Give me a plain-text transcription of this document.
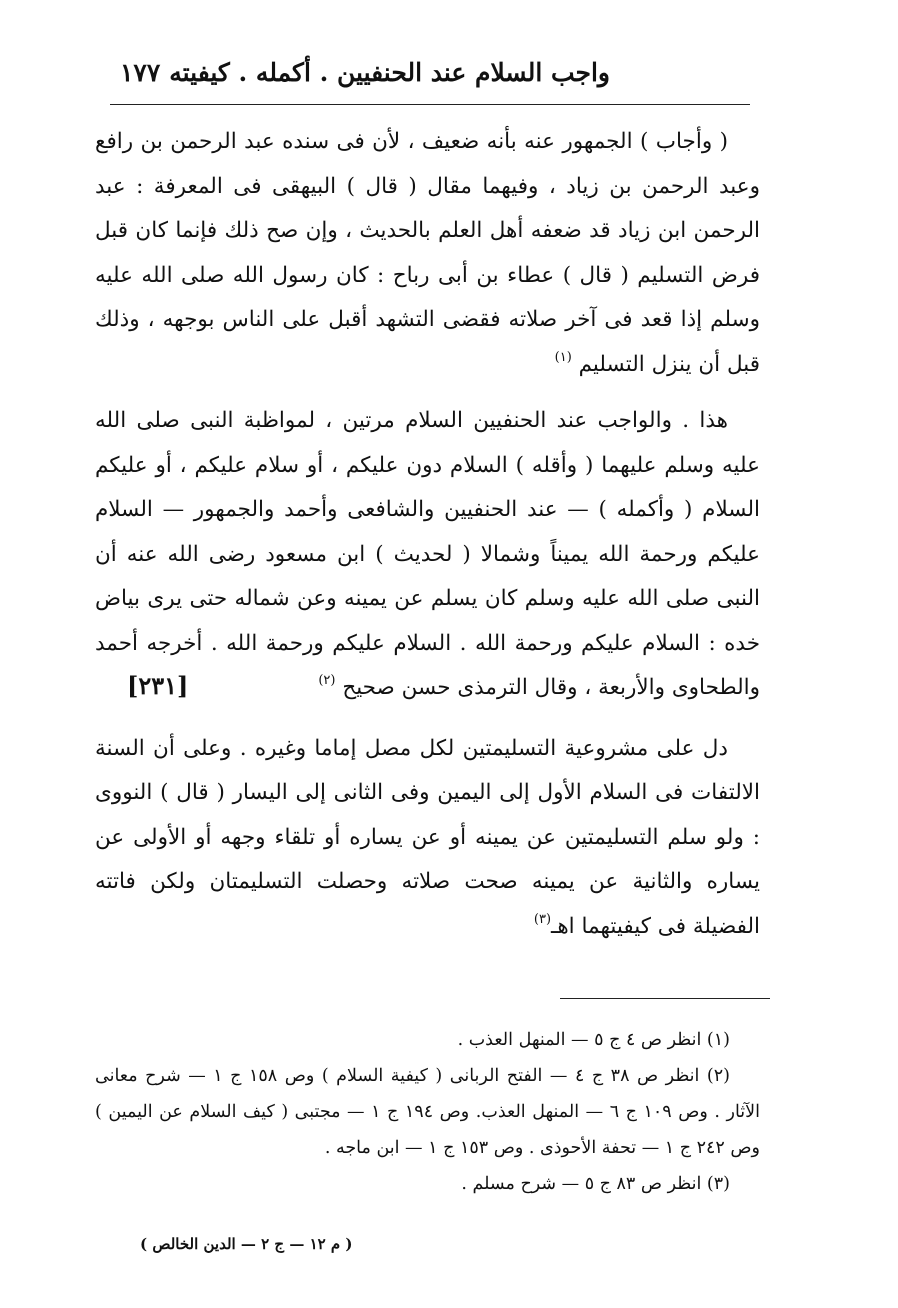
واجب السلام عند الحنفيين . أكمله . كيفيته
١٧٧

( وأجاب ) الجمهور عنه بأنه ضعيف ، لأن فى سنده عبد الرحمن بن رافع وعبد الرحمن بن زياد ، وفيهما مقال ( قال ) البيهقى فى المعرفة : عبد الرحمن ابن زياد قد ضعفه أهل العلم بالحديث ، وإن صح ذلك فإنما كان قبل فرض التسليم ( قال ) عطاء بن أبى رباح : كان رسول الله صلى الله عليه وسلم إذا قعد فى آخر صلاته فقضى التشهد أقبل على الناس بوجهه ، وذلك قبل أن ينزل التسليم $^{(١)}$

هذا . والواجب عند الحنفيين السلام مرتين ، لمواظبة النبى صلى الله عليه وسلم عليهما ( وأقله ) السلام دون عليكم ، أو سلام عليكم ، أو عليكم السلام ( وأكمله ) — عند الحنفيين والشافعى وأحمد والجمهور — السلام عليكم ورحمة الله يميناً وشمالا ( لحديث ) ابن مسعود رضى الله عنه أن النبى صلى الله عليه وسلم كان يسلم عن يمينه وعن شماله حتى يرى بياض خده : السلام عليكم ورحمة الله . السلام عليكم ورحمة الله . أخرجه أحمد والطحاوى والأربعة ، وقال الترمذى حسن صحيح $^{(٢)}$
[٢٣١]

دل على مشروعية التسليمتين لكل مصل إماما وغيره . وعلى أن السنة الالتفات فى السلام الأول إلى اليمين وفى الثانى إلى اليسار ( قال ) النووى : ولو سلم التسليمتين عن يمينه أو عن يساره أو تلقاء وجهه أو الأولى عن يساره والثانية عن يمينه صحت صلاته وحصلت التسليمتان ولكن فاتته الفضيلة فى كيفيتهما اهـ$^{(٣)}$

(١) انظر ص ٤ ج ٥ — المنهل العذب .

(٢) انظر ص ٣٨ ج ٤ — الفتح الربانى ( كيفية السلام ) وص ١٥٨ ج ١ — شرح معانى الآثار . وص ١٠٩ ج ٦ — المنهل العذب. وص ١٩٤ ج ١ — مجتبى ( كيف السلام عن اليمين ) وص ٢٤٢ ج ١ — تحفة الأحوذى . وص ١٥٣ ج ١ — ابن ماجه .

(٣) انظر ص ٨٣ ج ٥ — شرح مسلم .

( م ١٢ — ج ٢ — الدين الخالص )
